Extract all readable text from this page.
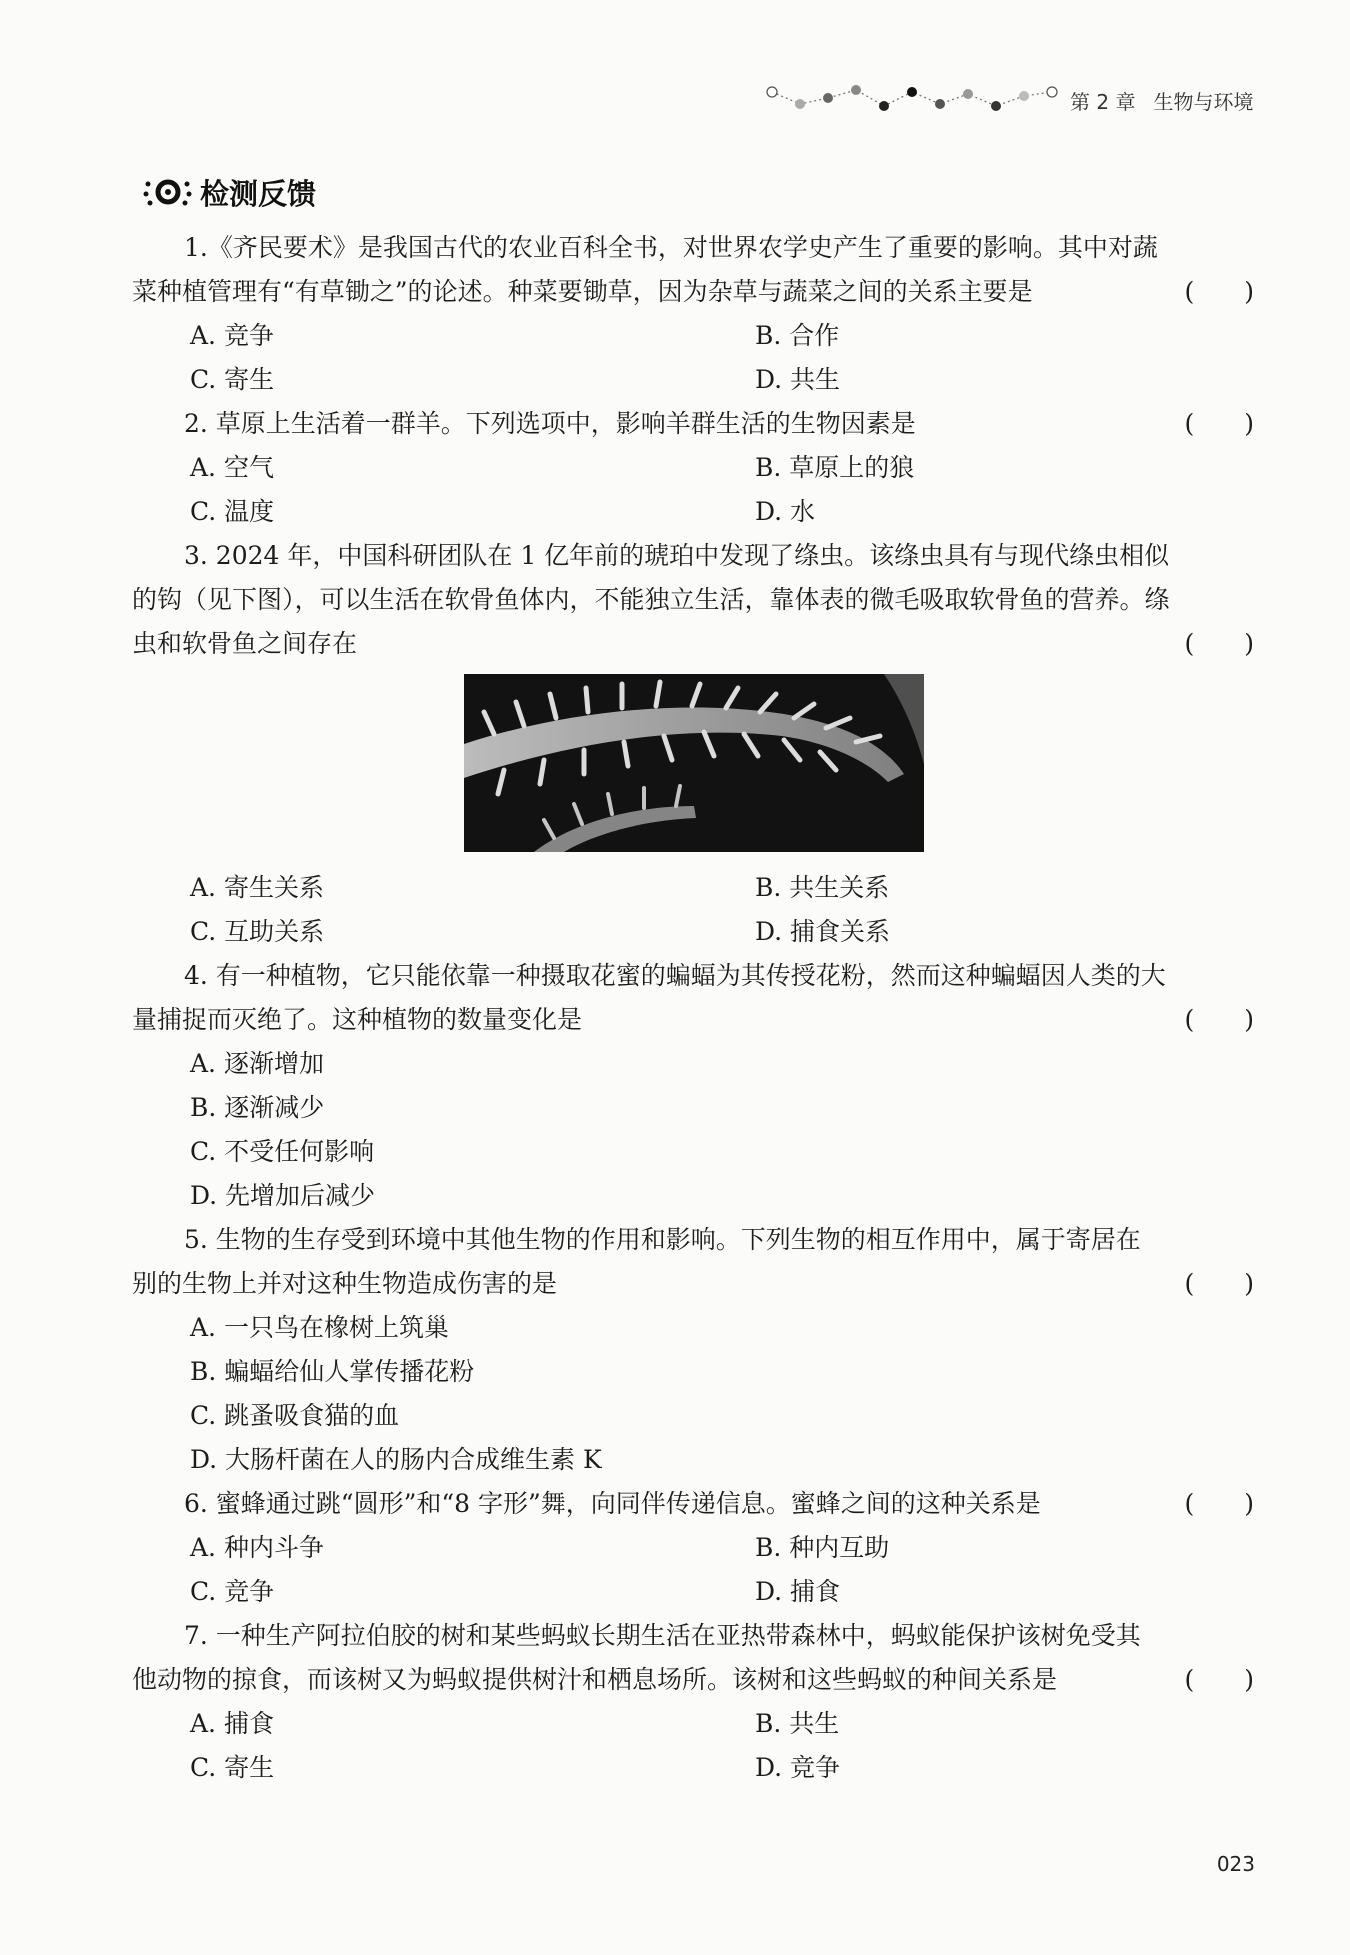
第 2 章 生物与环境
检测反馈
1.《齐民要术》是我国古代的农业百科全书，对世界农学史产生了重要的影响。其中对蔬
菜种植管理有“有草锄之”的论述。种菜要锄草，因为杂草与蔬菜之间的关系主要是	(　　)
A. 竞争	B. 合作
C. 寄生	D. 共生
2. 草原上生活着一群羊。下列选项中，影响羊群生活的生物因素是	(　　)
A. 空气	B. 草原上的狼
C. 温度	D. 水
3. 2024 年，中国科研团队在 1 亿年前的琥珀中发现了绦虫。该绦虫具有与现代绦虫相似
的钩（见下图），可以生活在软骨鱼体内，不能独立生活，靠体表的微毛吸取软骨鱼的营养。绦
虫和软骨鱼之间存在	(　　)
A. 寄生关系	B. 共生关系
C. 互助关系	D. 捕食关系
4. 有一种植物，它只能依靠一种摄取花蜜的蝙蝠为其传授花粉，然而这种蝙蝠因人类的大
量捕捉而灭绝了。这种植物的数量变化是	(　　)
A. 逐渐增加
B. 逐渐减少
C. 不受任何影响
D. 先增加后减少
5. 生物的生存受到环境中其他生物的作用和影响。下列生物的相互作用中，属于寄居在
别的生物上并对这种生物造成伤害的是	(　　)
A. 一只鸟在橡树上筑巢
B. 蝙蝠给仙人掌传播花粉
C. 跳蚤吸食猫的血
D. 大肠杆菌在人的肠内合成维生素 K
6. 蜜蜂通过跳“圆形”和“8 字形”舞，向同伴传递信息。蜜蜂之间的这种关系是	(　　)
A. 种内斗争	B. 种内互助
C. 竞争	D. 捕食
7. 一种生产阿拉伯胶的树和某些蚂蚁长期生活在亚热带森林中，蚂蚁能保护该树免受其
他动物的掠食，而该树又为蚂蚁提供树汁和栖息场所。该树和这些蚂蚁的种间关系是	(　　)
A. 捕食	B. 共生
C. 寄生	D. 竞争
023
